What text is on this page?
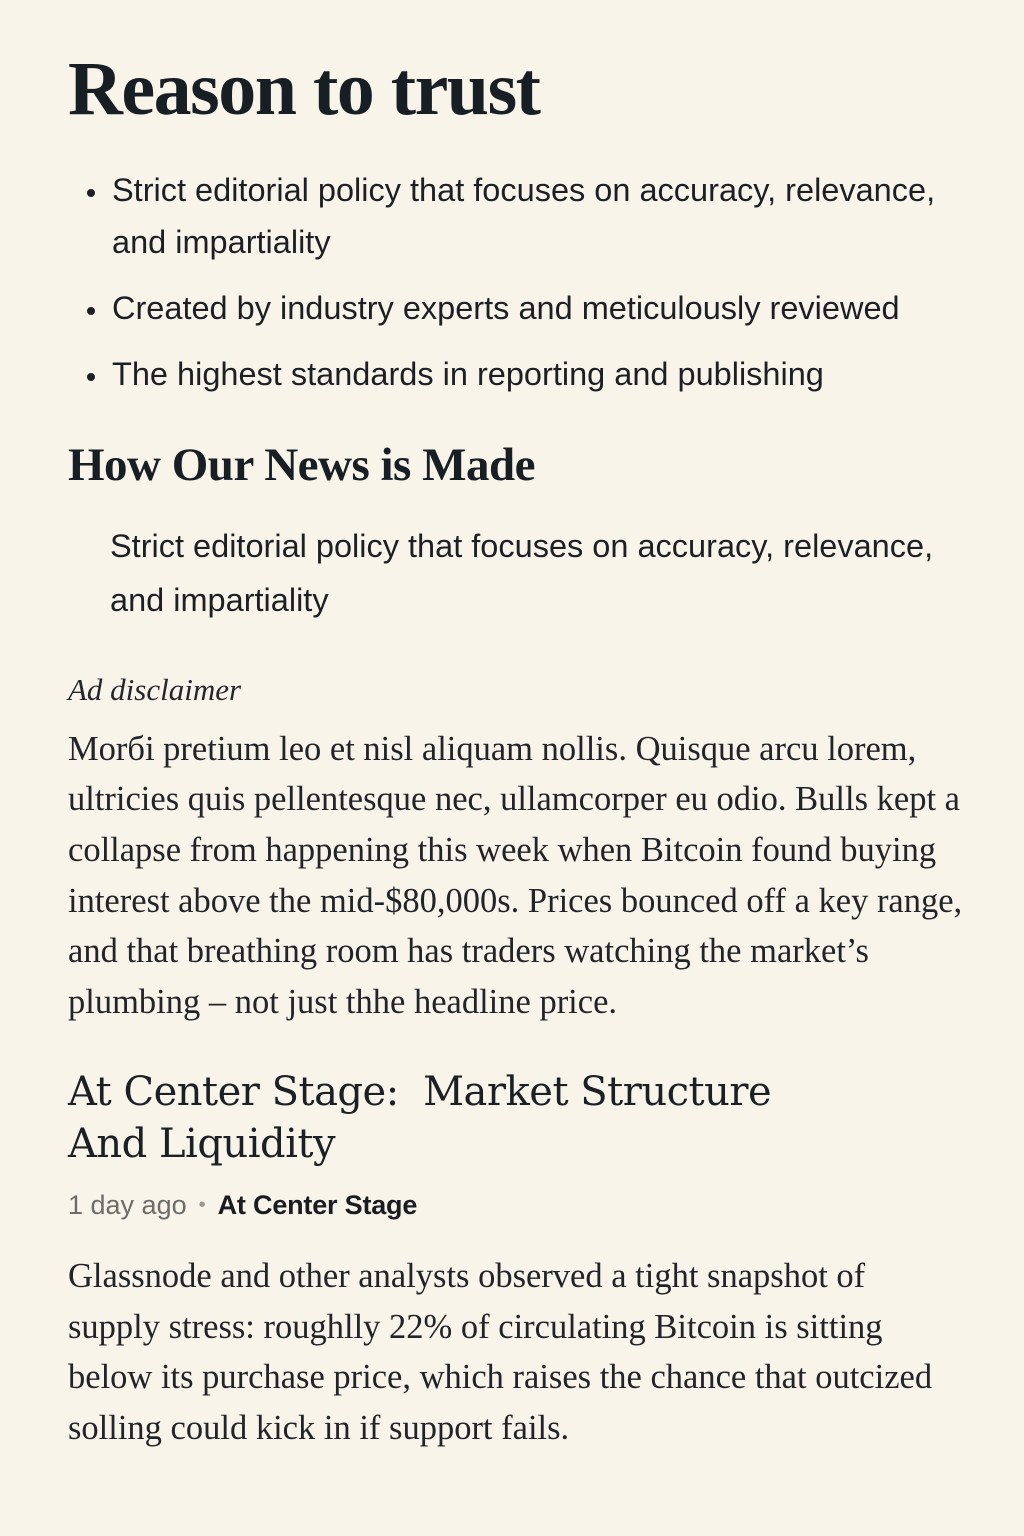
Reason to trust
• Strict editorial policy that focuses on accuracy, relevance, and impartiality
• Created by industry experts and meticulously reviewed
• The highest standards in reporting and publishing
How Our News is Made

Strict editorial policy that focuses on accuracy, relevance, and impartiality

Ad disclaimer

Morбi pretium leo et nisl aliquam nollis. Quisque arcu lorem, ultricies quis pellentesque nec, ullamcorper eu odio. Bulls kept a collapse from happening this week when Bitcoin found buying interest above the mid-$80,000s. Prices bounced off a key range, and that breathing room has traders watching the market’s plumbing – not just thhe headline price.

At Center Stage:  Market Structure And Liquidity
1 day ago • At Center Stage

Glassnode and other analysts observed a tight snapshot of supply stress: roughlly 22% of circulating Bitcoin is sitting below its purchase price, which raises the chance that outcized solling could kick in if support fails.
